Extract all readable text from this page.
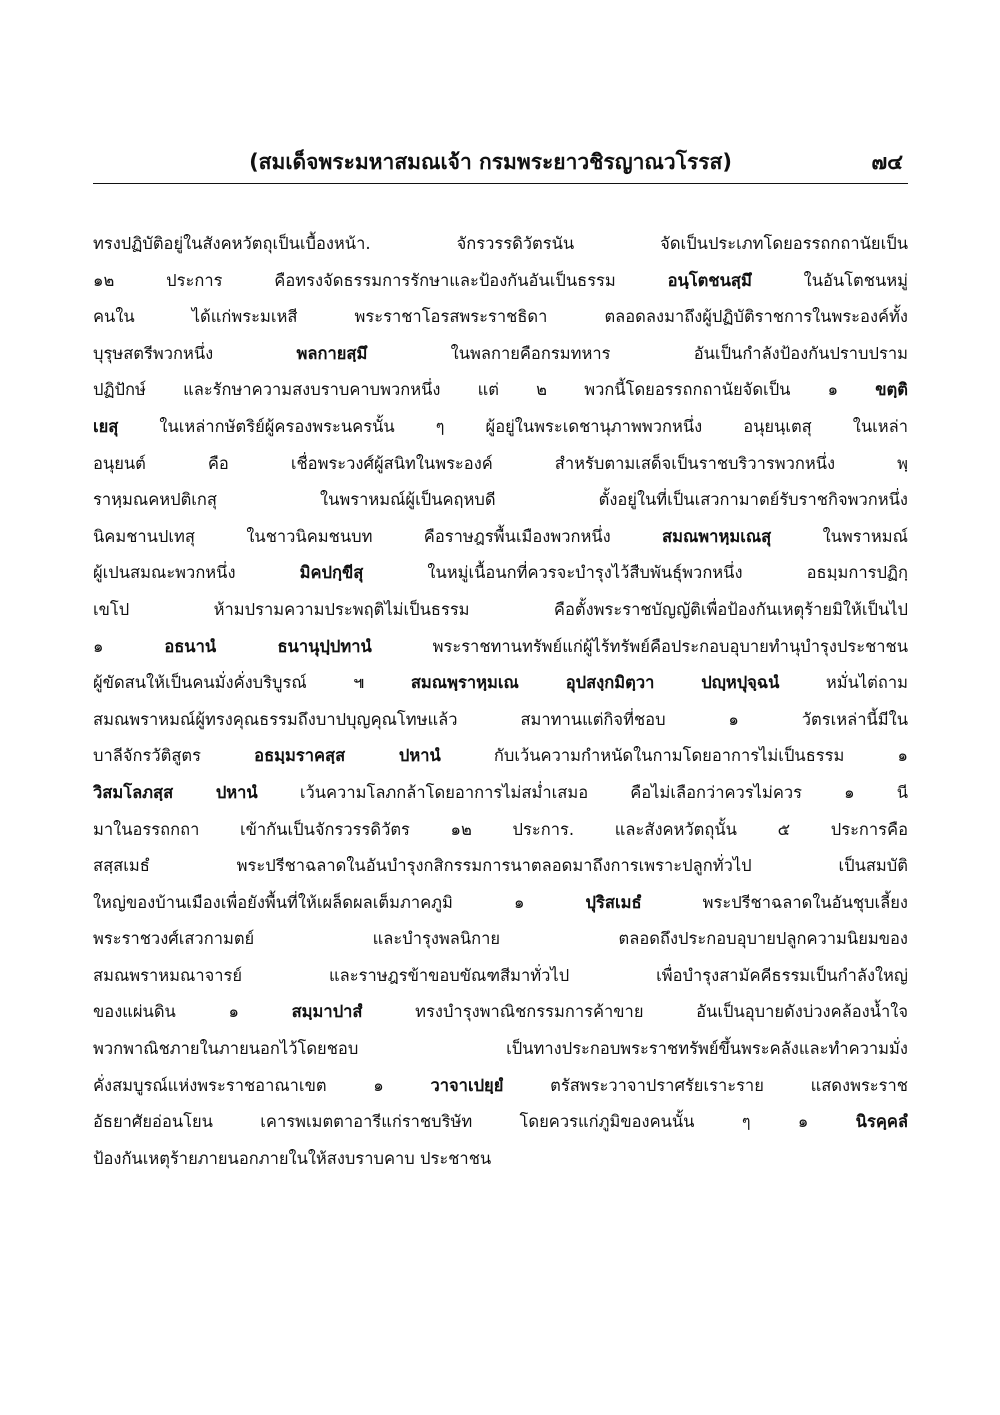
(สมเด็จพระมหาสมณเจ้า กรมพระยาวชิรญาณวโรรส)	๗๔
ทรงปฏิบัติอยู่ในสังคหวัตถุเป็นเบื้องหน้า. จักรวรรดิวัตรนัน จัดเป็นประเภทโดยอรรถกถานัยเป็น
๑๒ ประการ คือทรงจัดธรรมการรักษาและป้องกันอันเป็นธรรม อนฺโตชนสฺมึ ในอันโตชนหมู่
คนใน ได้แก่พระมเหสี พระราชาโอรสพระราชธิดา ตลอดลงมาถึงผู้ปฏิบัติราชการในพระองค์ทั้ง
บุรุษสตรีพวกหนึ่ง พลกายสฺมึ ในพลกายคือกรมทหาร อันเป็นกำลังป้องกันปราบปราม
ปฏิปักษ์ และรักษาความสงบราบคาบพวกหนึ่ง แต่ ๒ พวกนี้โดยอรรถกถานัยจัดเป็น ๑ ขตฺติ
เยสุ ในเหล่ากษัตริย์ผู้ครองพระนครนั้น ๆ ผู้อยู่ในพระเดชานุภาพพวกหนึ่ง อนุยนฺเตสุ ในเหล่า
อนุยนต์ คือ เชื่อพระวงศ์ผู้สนิทในพระองค์ สำหรับตามเสด็จเป็นราชบริวารพวกหนึ่ง พฺ
ราหฺมณคหปติเกสุ ในพราหมณ์ผู้เป็นคฤหบดี ตั้งอยู่ในที่เป็นเสวกามาตย์รับราชกิจพวกหนึ่ง
นิคมชานปเทสุ ในชาวนิคมชนบท คือราษฎรพื้นเมืองพวกหนึ่ง สมณพาหฺมเณสุ ในพราหมณ์
ผู้เปนสมณะพวกหนึ่ง มิคปกฺขีสุ ในหมู่เนื้อนกที่ควรจะบำรุงไว้สืบพันธุ์พวกหนึ่ง อธมฺมการปฏิกฺ
เขโป ห้ามปรามความประพฤติไม่เป็นธรรม คือตั้งพระราชบัญญัติเพื่อป้องกันเหตุร้ายมิให้เป็นไป
๑ อธนานํ ธนานุปฺปทานํ พระราชทานทรัพย์แก่ผู้ไร้ทรัพย์คือประกอบอุบายทำนุบำรุงประชาชน
ผู้ขัดสนให้เป็นคนมั่งคั่งบริบูรณ์ ๚ สมณพฺราหฺมเณ อุปสงฺกมิตฺวา ปญฺหปุจฺฉนํ หมั่นไต่ถาม
สมณพราหมณ์ผู้ทรงคุณธรรมถึงบาปบุญคุณโทษแล้ว สมาทานแต่กิจที่ชอบ ๑ วัตรเหล่านี้มีใน
บาลีจักรวัติสูตร อธมฺมราคสฺส ปหานํ กับเว้นความกำหนัดในกามโดยอาการไม่เป็นธรรม ๑
วิสมโลภสฺส ปหานํ เว้นความโลภกล้าโดยอาการไม่สม่ำเสมอ คือไม่เลือกว่าควรไม่ควร ๑ นี
มาในอรรถกถา เข้ากันเป็นจักรวรรดิวัตร ๑๒ ประการ. และสังคหวัตถุนั้น ๕ ประการคือ
สสฺสเมธํ พระปรีชาฉลาดในอันบำรุงกสิกรรมการนาตลอดมาถึงการเพราะปลูกทั่วไป เป็นสมบัติ
ใหญ่ของบ้านเมืองเพื่อยังพื้นที่ให้เผล็ดผลเต็มภาคภูมิ ๑ ปุริสเมธํ พระปรีชาฉลาดในอันชุบเลี้ยง
พระราชวงศ์เสวกามตย์ และบำรุงพลนิกาย ตลอดถึงประกอบอุบายปลูกความนิยมของ
สมณพราหมณาจารย์ และราษฎรข้าขอบขัณฑสีมาทั่วไป เพื่อบำรุงสามัคคีธรรมเป็นกำลังใหญ่
ของแผ่นดิน ๑ สมฺมาปาสํ ทรงบำรุงพาณิชกรรมการค้าขาย อันเป็นอุบายดังบ่วงคล้องน้ำใจ
พวกพาณิชภายในภายนอกไว้โดยชอบ เป็นทางประกอบพระราชทรัพย์ขึ้นพระคลังและทำความมั่ง
คั่งสมบูรณ์แห่งพระราชอาณาเขต ๑ วาจาเปยฺยํ ตรัสพระวาจาปราศรัยเราะราย แสดงพระราช
อัธยาศัยอ่อนโยน เคารพเมตตาอารีแก่ราชบริษัท โดยควรแก่ภูมิของคนนั้น ๆ ๑ นิรคฺคลํ
ป้องกันเหตุร้ายภายนอกภายในให้สงบราบคาบ ประชาชน
